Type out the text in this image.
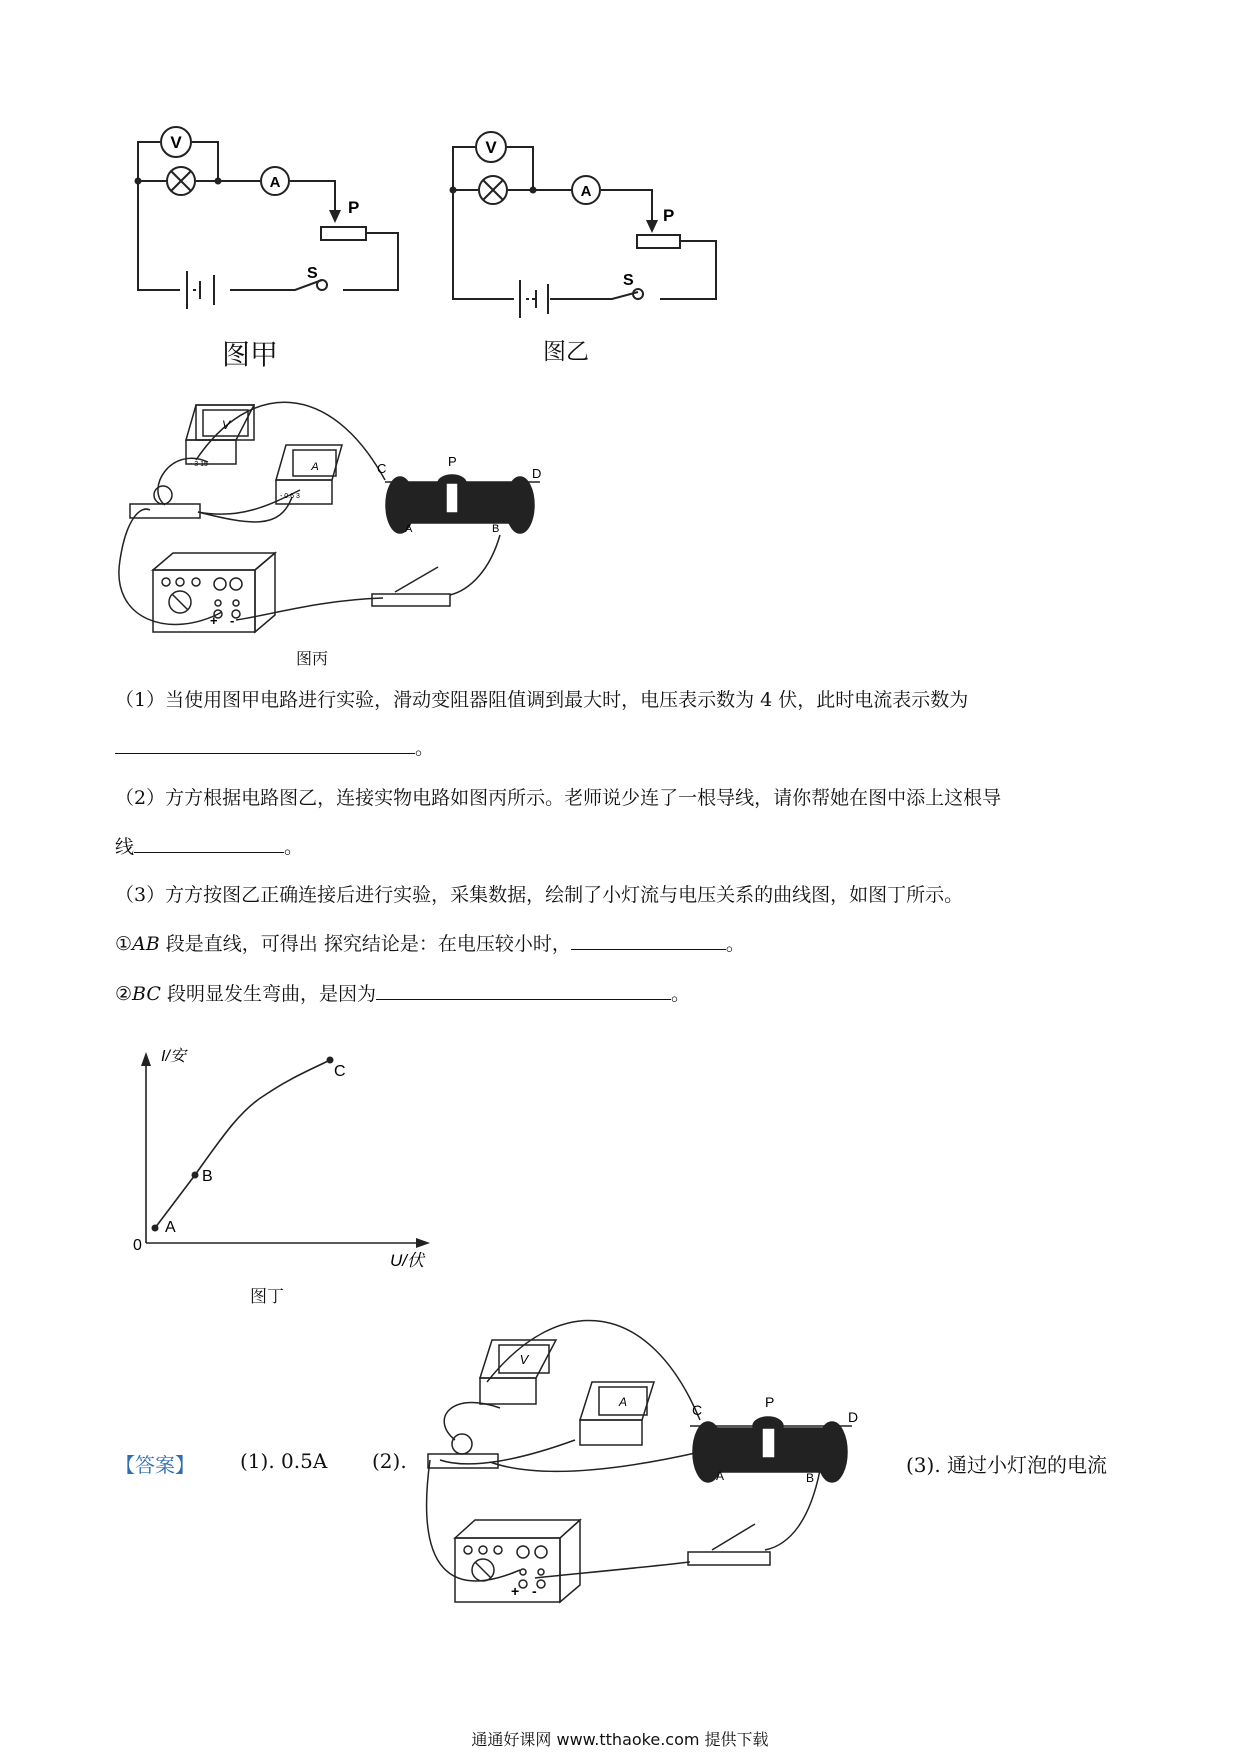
V
A
P
S
图甲
V
A
P
S
图乙
C	P
D
A	B
V
A
- 3 15
- 0.6 3
+ -
图丙
（1）当使用图甲电路进行实验，滑动变阻器阻值调到最大时，电压表示数为 4 伏，此时电流表示数为
。
（2）方方根据电路图乙，连接实物电路如图丙所示。老师说少连了一根导线，请你帮她在图中添上这根导
线	。
（3）方方按图乙正确连接后进行实验，采集数据，绘制了小灯流与电压关系的曲线图，如图丁所示。
①AB 段是直线，可得出 探究结论是：在电压较小时，	。
②BC 段明显发生弯曲，是因为	。
I/安
U/伏
0
A
B
C
图丁
C	P
D
A	B
V
A
+ -
【答案】 (1). 0.5A (2).	(3). 通过小灯泡的电流
通通好课网 www.tthaoke.com 提供下载
